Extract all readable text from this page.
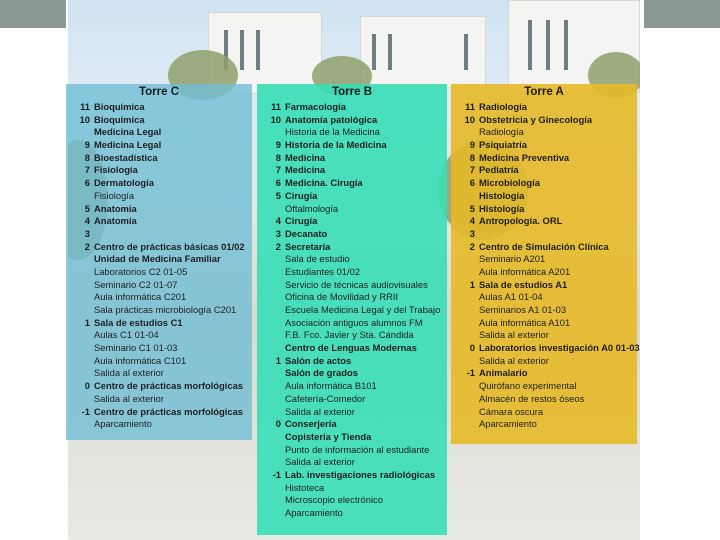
Torre C
11 Bioquímica
10 Bioquímica
Medicina Legal
9 Medicina Legal
8 Bioestadística
7 Fisiología
6 Dermatología
Fisiología
5 Anatomía
4 Anatomía
3
2 Centro de prácticas básicas 01/02
Unidad de Medicina Familiar
Laboratorios C2 01-05
Seminario C2 01-07
Aula informática C201
Sala prácticas microbiología C201
1 Sala de estudios C1
Aulas C1 01-04
Seminario C1 01-03
Aula informática C101
Salida al exterior
0 Centro de prácticas morfológicas
Salida al exterior
-1 Centro de prácticas morfológicas
Aparcamiento
Torre B
11 Farmacología
10 Anatomía patológica
Historia de la Medicina
9 Historia de la Medicina
8 Medicina
7 Medicina
6 Medicina. Cirugía
5 Cirugía
Oftalmología
4 Cirugía
3 Decanato
2 Secretaría
Sala de estudio
Estudiantes 01/02
Servicio de técnicas audiovisuales
Oficina de Movilidad y RRII
Escuela Medicina Legal y del Trabajo
Asociación antiguos alumnos FM
F.B. Fco. Javier y Sta. Cándida
Centro de Lenguas Modernas
1 Salón de actos
Salón de grados
Aula informática B101
Cafetería-Comedor
Salida al exterior
0 Conserjería
Copistería y Tienda
Punto de información al estudiante
Salida al exterior
-1 Lab. investigaciones radiológicas
Histoteca
Microscopio electrónico
Aparcamiento
Torre A
11 Radiología
10 Obstetricia y Ginecología
Radiología
9 Psiquiatría
8 Medicina Preventiva
7 Pediatría
6 Microbiología
Histología
5 Histología
4 Antropología. ORL
3
2 Centro de Simulación Clínica
Seminario A201
Aula informática A201
1 Sala de estudios A1
Aulas A1 01-04
Seminarios A1 01-03
Aula informática A101
Salida al exterior
0 Laboratorios investigación A0 01-03
Salida al exterior
-1 Animalario
Quirófano experimental
Almacén de restos óseos
Cámara oscura
Aparcamiento
